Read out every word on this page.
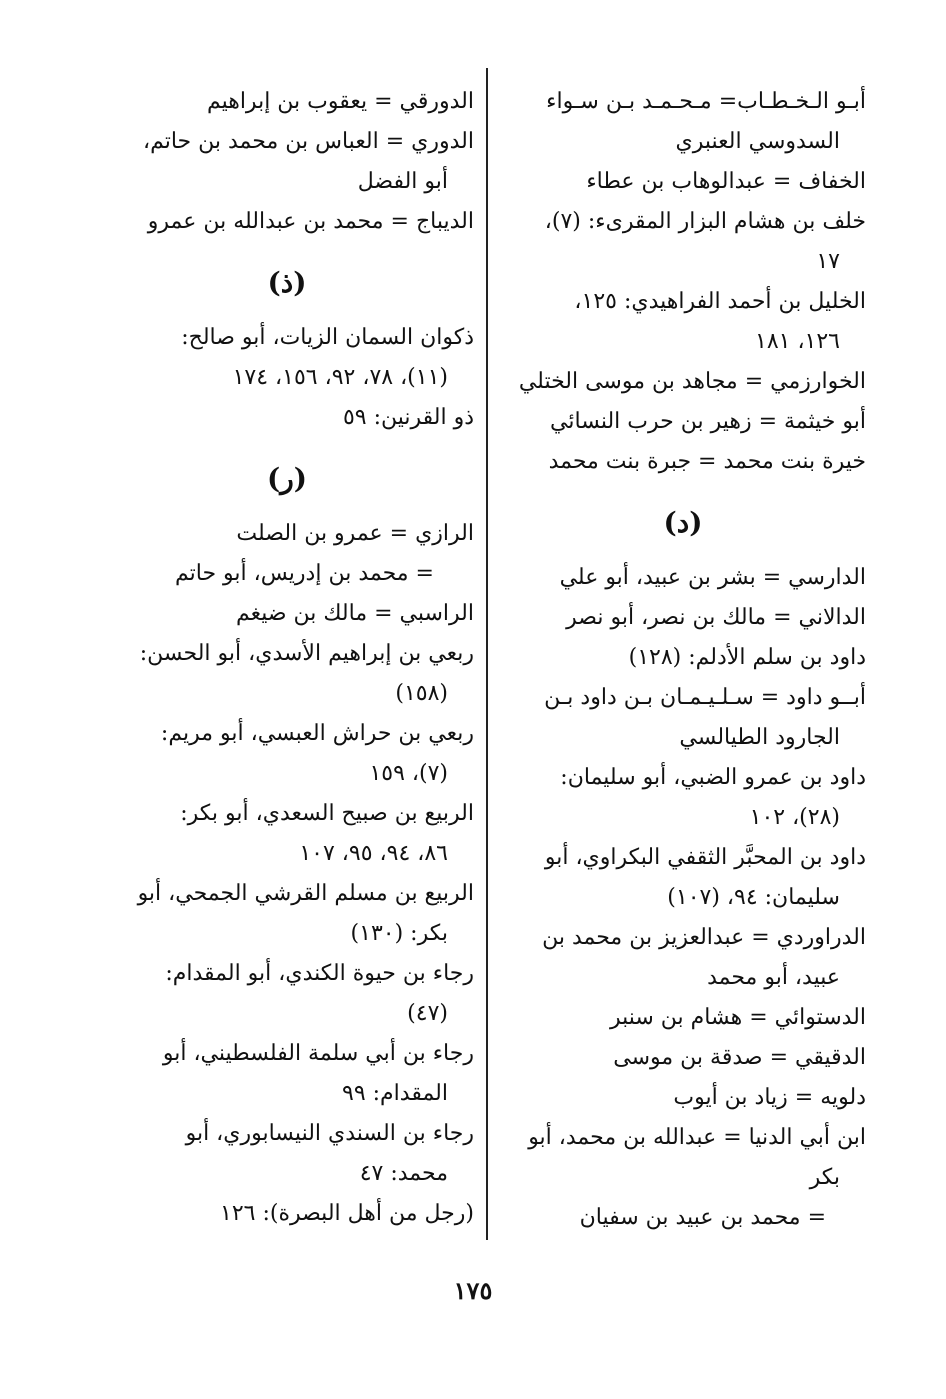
أبـو الـخـطـاب= مـحـمـد بـن سـواء
السدوسي العنبري
الخفاف = عبدالوهاب بن عطاء
خلف بن هشام البزار المقرىء: (٧)،
١٧
الخليل بن أحمد الفراهيدي: ١٢٥،
١٢٦، ١٨١
الخوارزمي = مجاهد بن موسى الختلي
أبو خيثمة = زهير بن حرب النسائي
خيرة بنت محمد = جبرة بنت محمد
(د)
الدارسي = بشر بن عبيد، أبو علي
الدالاني = مالك بن نصر، أبو نصر
داود بن سلم الأدلم: (١٢٨)
أبــو داود = سـلـيـمـان بـن داود بـن
الجارود الطيالسي
داود بن عمرو الضبي، أبو سليمان:
(٢٨)، ١٠٢
داود بن المحبَّر الثقفي البكراوي، أبو
سليمان: ٩٤، (١٠٧)
الدراوردي = عبدالعزيز بن محمد بن
عبيد، أبو محمد
الدستوائي = هشام بن سنبر
الدقيقي = صدقة بن موسى
دلويه = زياد بن أيوب
ابن أبي الدنيا = عبدالله بن محمد، أبو
بكر
= محمد بن عبيد بن سفيان
الدورقي = يعقوب بن إبراهيم
الدوري = العباس بن محمد بن حاتم،
أبو الفضل
الديباج = محمد بن عبدالله بن عمرو
(ذ)
ذكوان السمان الزيات، أبو صالح:
(١١)، ٧٨، ٩٢، ١٥٦، ١٧٤
ذو القرنين: ٥٩
(ر)
الرازي = عمرو بن الصلت
= محمد بن إدريس، أبو حاتم
الراسبي = مالك بن ضيغم
ربعي بن إبراهيم الأسدي، أبو الحسن:
(١٥٨)
ربعي بن حراش العبسي، أبو مريم:
(٧)، ١٥٩
الربيع بن صبيح السعدي، أبو بكر:
٨٦، ٩٤، ٩٥، ١٠٧
الربيع بن مسلم القرشي الجمحي، أبو
بكر: (١٣٠)
رجاء بن حيوة الكندي، أبو المقدام:
(٤٧)
رجاء بن أبي سلمة الفلسطيني، أبو
المقدام: ٩٩
رجاء بن السندي النيسابوري، أبو
محمد: ٤٧
(رجل من أهل البصرة): ١٢٦
١٧٥
